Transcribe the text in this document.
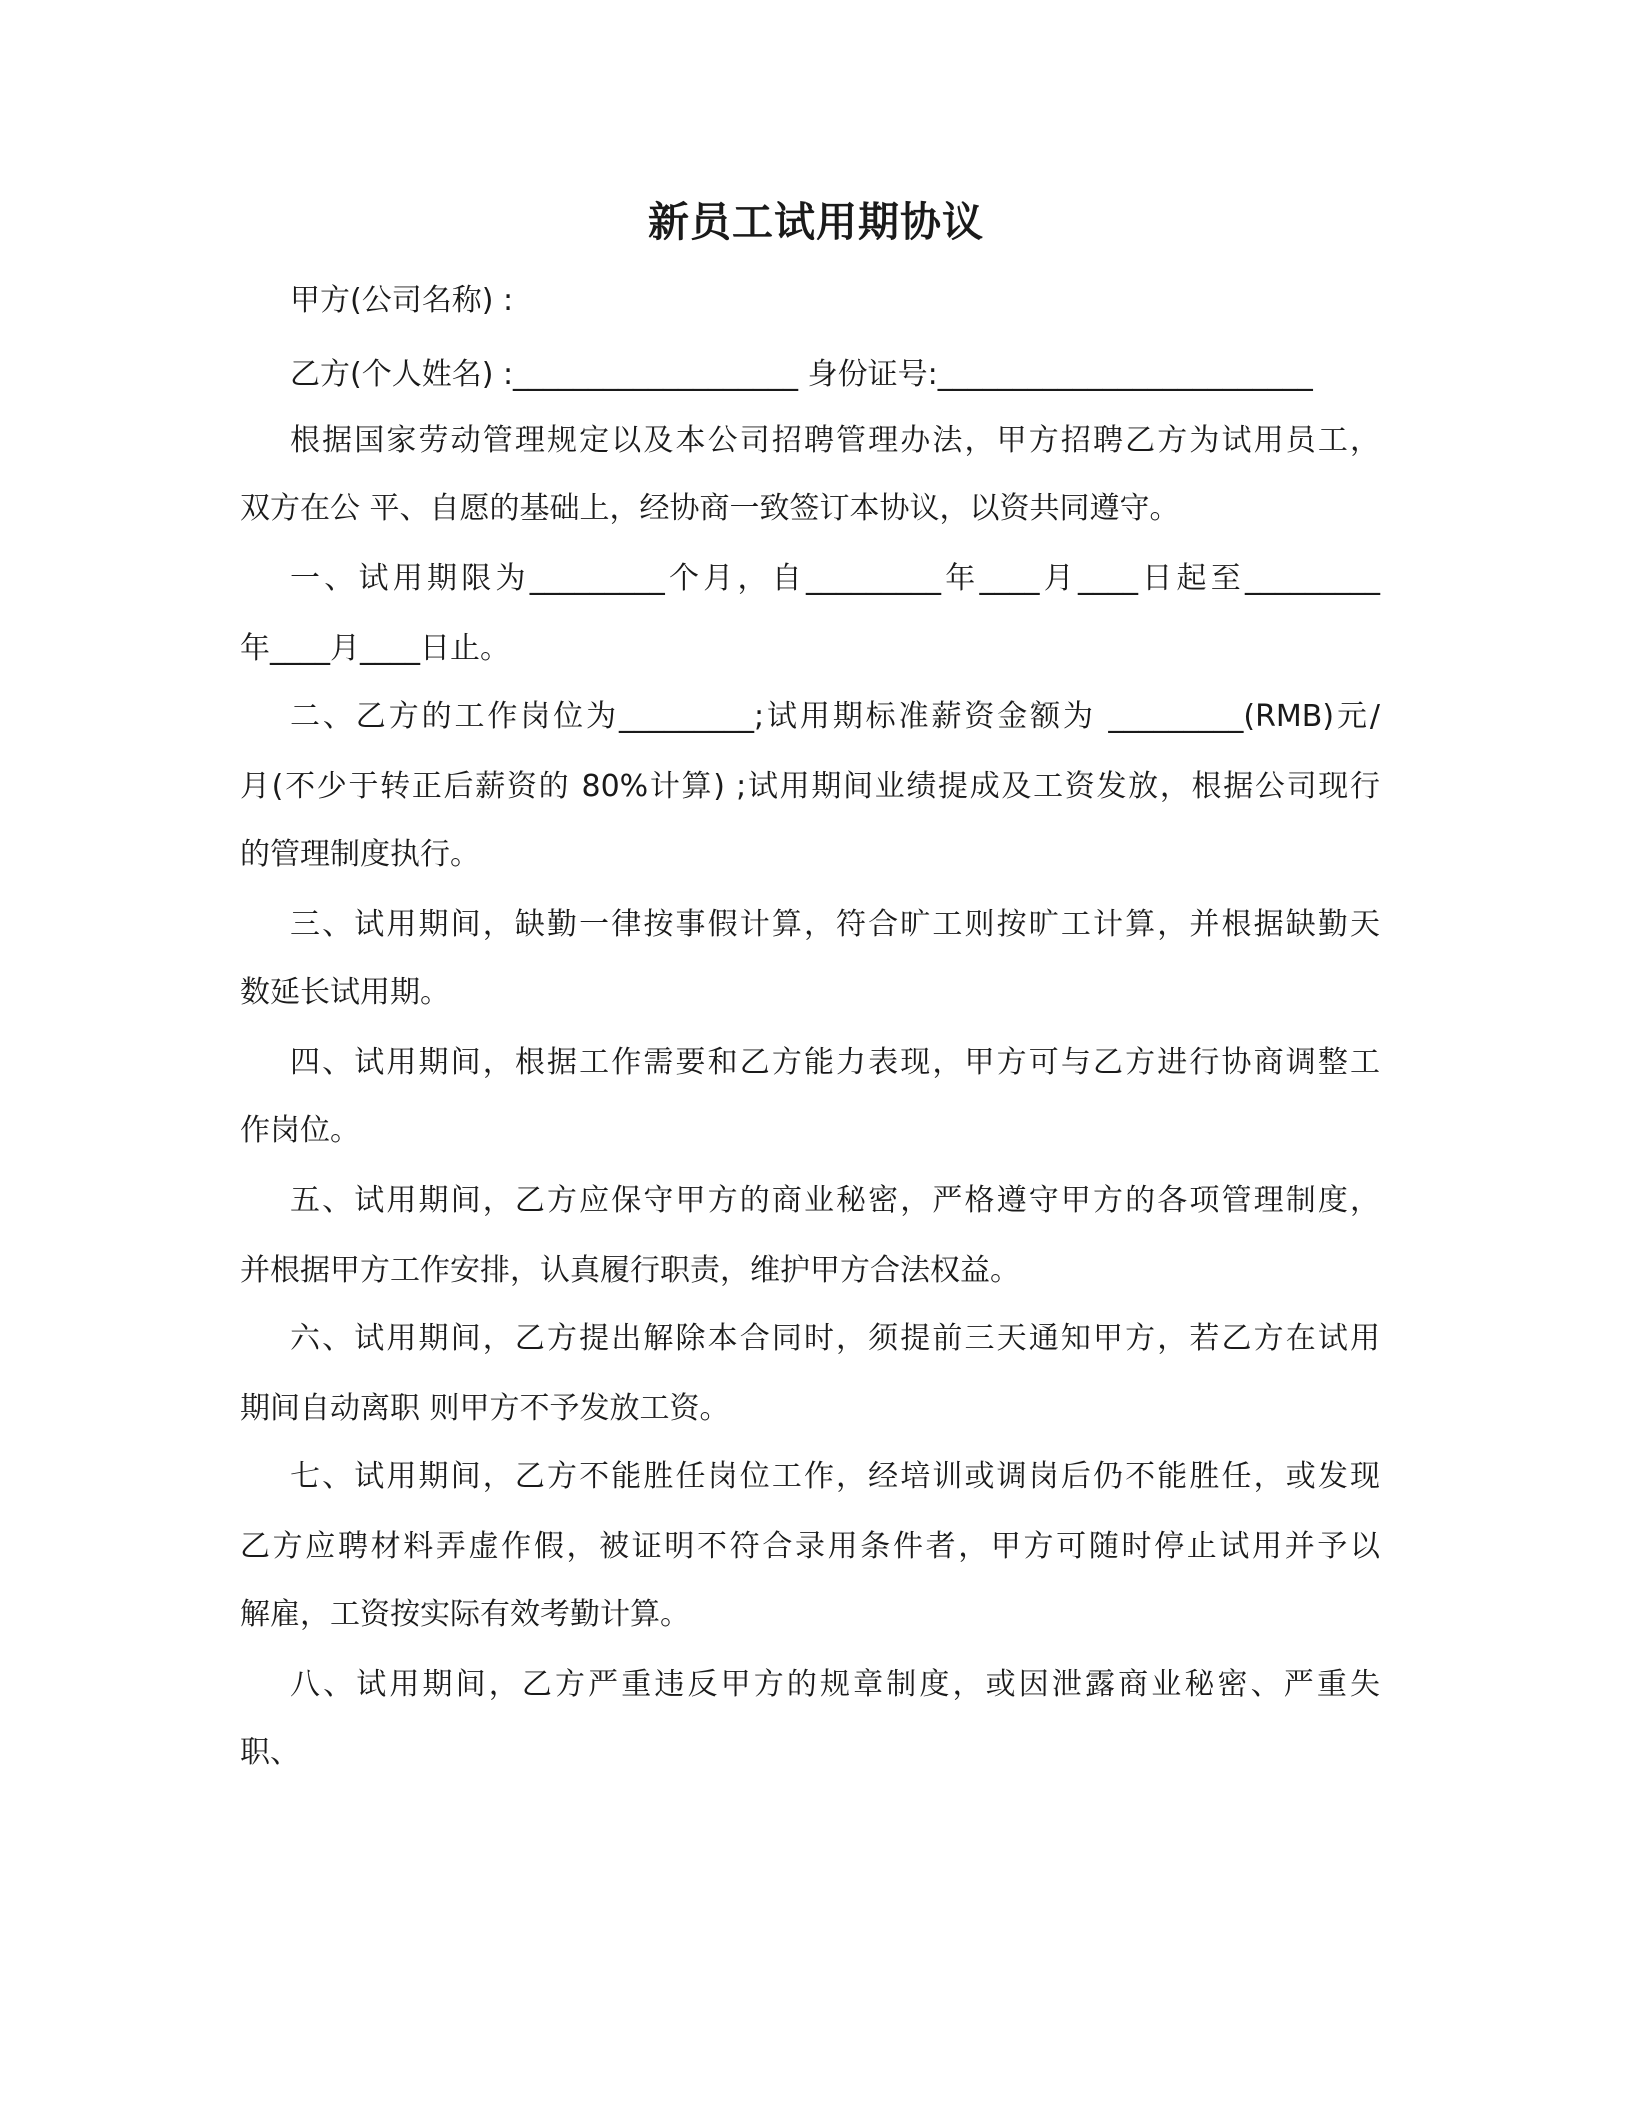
新员工试用期协议

甲方(公司名称) :

乙方(个人姓名) :___________________ 身份证号:_________________________

根据国家劳动管理规定以及本公司招聘管理办法，甲方招聘乙方为试用员工，

双方在公 平、自愿的基础上，经协商一致签订本协议，以资共同遵守。

一、试用期限为_________个月，自_________年____月____日起至_________

年____月____日止。

二、乙方的工作岗位为_________;试用期标准薪资金额为 _________(RMB)元/

月(不少于转正后薪资的 80%计算) ;试用期间业绩提成及工资发放，根据公司现行

的管理制度执行。

三、试用期间，缺勤一律按事假计算，符合旷工则按旷工计算，并根据缺勤天

数延长试用期。

四、试用期间，根据工作需要和乙方能力表现，甲方可与乙方进行协商调整工

作岗位。

五、试用期间，乙方应保守甲方的商业秘密，严格遵守甲方的各项管理制度，

并根据甲方工作安排，认真履行职责，维护甲方合法权益。

六、试用期间，乙方提出解除本合同时，须提前三天通知甲方，若乙方在试用

期间自动离职 则甲方不予发放工资。

七、试用期间，乙方不能胜任岗位工作，经培训或调岗后仍不能胜任，或发现

乙方应聘材料弄虚作假，被证明不符合录用条件者，甲方可随时停止试用并予以

解雇，工资按实际有效考勤计算。

八、试用期间，乙方严重违反甲方的规章制度，或因泄露商业秘密、严重失

职、
